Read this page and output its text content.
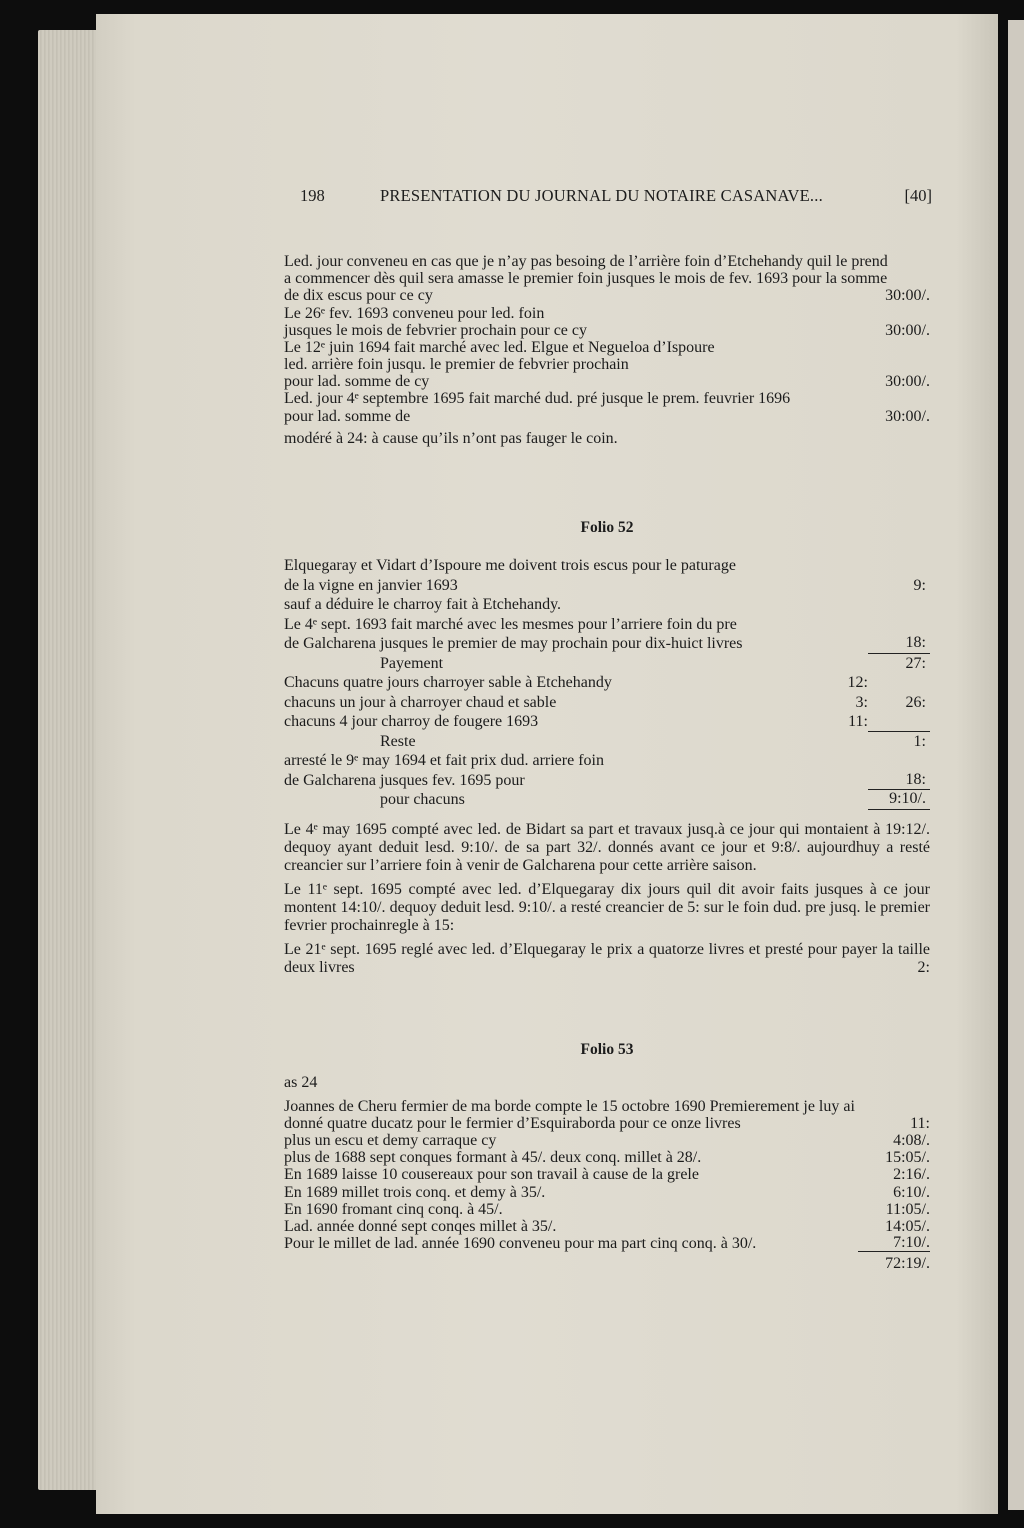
198	PRESENTATION DU JOURNAL DU NOTAIRE CASANAVE...	[40]
Led. jour conveneu en cas que je n’ay pas besoing de l’arrière foin d’Etchehandy quil le prend
a commencer dès quil sera amasse le premier foin jusques le mois de fev. 1693 pour la somme
de dix escus pour ce cy	30:00/.
Le 26ᵉ fev. 1693 conveneu pour led. foin
jusques le mois de febvrier prochain pour ce cy	30:00/.
Le 12ᵉ juin 1694 fait marché avec led. Elgue et Negueloa d’Ispoure
led. arrière foin jusqu. le premier de febvrier prochain
pour lad. somme de cy	30:00/.
Led. jour 4ᵉ septembre 1695 fait marché dud. pré jusque le prem. feuvrier 1696
pour lad. somme de	30:00/.
modéré à 24: à cause qu’ils n’ont pas fauger le coin.
Folio 52
Elquegaray et Vidart d’Ispoure me doivent trois escus pour le paturage
de la vigne en janvier 1693	9:
sauf a déduire le charroy fait à Etchehandy.
Le 4ᵉ sept. 1693 fait marché avec les mesmes pour l’arriere foin du pre
de Galcharena jusques le premier de may prochain pour dix-huict livres	18:
Payement	27:
Chacuns quatre jours charroyer sable à Etchehandy	12:
chacuns un jour à charroyer chaud et sable	3:	26:
chacuns 4 jour charroy de fougere 1693	11:

Reste	1:
arresté le 9ᵉ may 1694 et fait prix dud. arriere foin
de Galcharena jusques fev. 1695 pour	18:
pour chacuns	9:10/.

Le 4ᵉ may 1695 compté avec led. de Bidart sa part et travaux jusq.à ce jour qui montaient à 19:12/. dequoy ayant deduit lesd. 9:10/. de sa part 32/. donnés avant ce jour et 9:8/. aujourdhuy a resté creancier sur l’arriere foin à venir de Galcharena pour cette arrière saison.

Le 11ᵉ sept. 1695 compté avec led. d’Elquegaray dix jours quil dit avoir faits jusques à ce jour montent 14:10/. dequoy deduit lesd. 9:10/. a resté creancier de 5: sur le foin dud. pre jusq. le premier fevrier prochainregle à 15:

Le 21ᵉ sept. 1695 reglé avec led. d’Elquegaray le prix a quatorze livres et presté pour payer la taille deux livres	2:

Folio 53
as 24
Joannes de Cheru fermier de ma borde compte le 15 octobre 1690 Premierement je luy ai
donné quatre ducatz pour le fermier d’Esquiraborda pour ce onze livres	11:
plus un escu et demy carraque cy	4:08/.
plus de 1688 sept conques formant à 45/. deux conq. millet à 28/.	15:05/.
En 1689 laisse 10 cousereaux pour son travail à cause de la grele	2:16/.
En 1689 millet trois conq. et demy à 35/.	6:10/.
En 1690 fromant cinq conq. à 45/.	11:05/.
Lad. année donné sept conqes millet à 35/.	14:05/.
Pour le millet de lad. année 1690 conveneu pour ma part cinq conq. à 30/.	7:10/.
72:19/.
